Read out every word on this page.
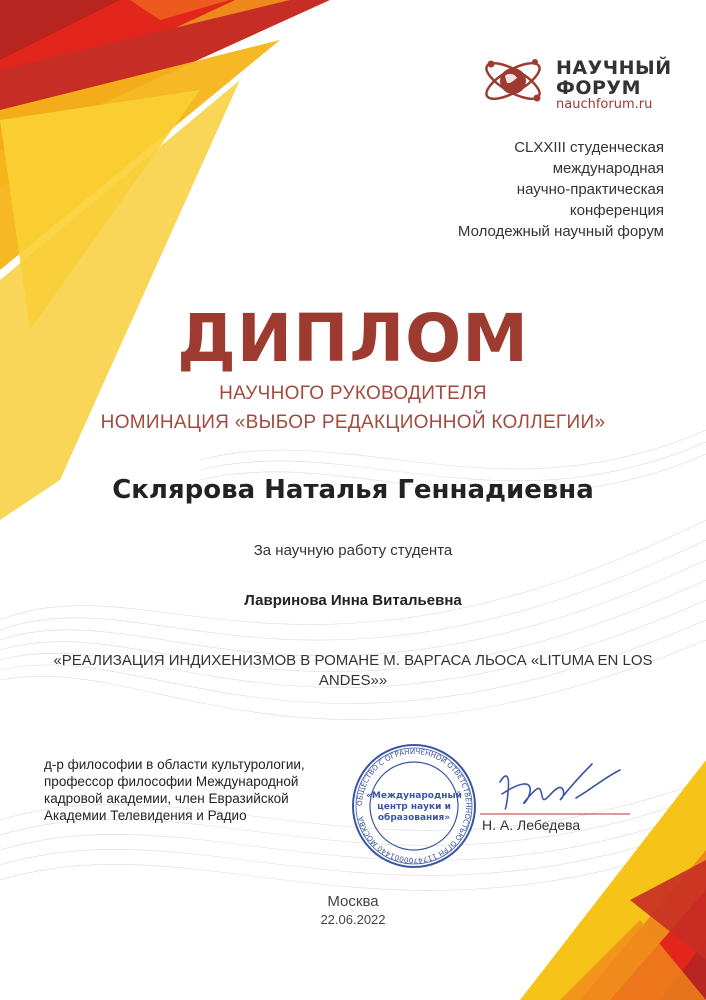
НАУЧНЫЙ
ФОРУМ
nauchforum.ru
CLXXIII студенческая
международная
научно-практическая
конференция
Молодежный научный форум
ДИПЛОМ
НАУЧНОГО РУКОВОДИТЕЛЯ
НОМИНАЦИЯ «ВЫБОР РЕДАКЦИОННОЙ КОЛЛЕГИИ»
Склярова Наталья Геннадиевна
За научную работу студента
Лавринова Инна Витальевна
«РЕАЛИЗАЦИЯ ИНДИХЕНИЗМОВ В РОМАНЕ М. ВАРГАСА ЛЬОСА «LITUMA EN LOS ANDES»»
д-р философии в области культурологии,
профессор философии Международной
кадровой академии, член Евразийской
Академии Телевидения и Радио
ОБЩЕСТВО С ОГРАНИЧЕННОЙ ОТВЕТСТВЕННОСТЬЮ ОГРН 1174700001440 МОСКВА
«Международный
центр науки и
образования» Н. А. Лебедева
Москва
22.06.2022
